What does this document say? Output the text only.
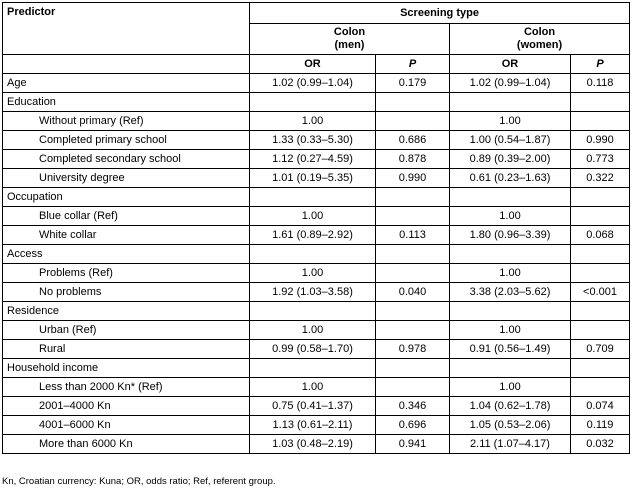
Predictor	Screening type			
	Colon
(men)		Colon
(women)	
	OR	P	OR	P
Age	1.02 (0.99–1.04)	0.179	1.02 (0.99–1.04)	0.118
Education				
Without primary (Ref)	1.00		1.00	
Completed primary school	1.33 (0.33–5.30)	0.686	1.00 (0.54–1.87)	0.990
Completed secondary school	1.12 (0.27–4.59)	0.878	0.89 (0.39–2.00)	0.773
University degree	1.01 (0.19–5.35)	0.990	0.61 (0.23–1.63)	0.322
Occupation				
Blue collar (Ref)	1.00		1.00	
White collar	1.61 (0.89–2.92)	0.113	1.80 (0.96–3.39)	0.068
Access				
Problems (Ref)	1.00		1.00	
No problems	1.92 (1.03–3.58)	0.040	3.38 (2.03–5.62)	<0.001
Residence				
Urban (Ref)	1.00		1.00	
Rural	0.99 (0.58–1.70)	0.978	0.91 (0.56–1.49)	0.709
Household income				
Less than 2000 Kn* (Ref)	1.00		1.00	
2001–4000 Kn	0.75 (0.41–1.37)	0.346	1.04 (0.62–1.78)	0.074
4001–6000 Kn	1.13 (0.61–2.11)	0.696	1.05 (0.53–2.06)	0.119
More than 6000 Kn	1.03 (0.48–2.19)	0.941	2.11 (1.07–4.17)	0.032
Kn, Croatian currency: Kuna; OR, odds ratio; Ref, referent group.
